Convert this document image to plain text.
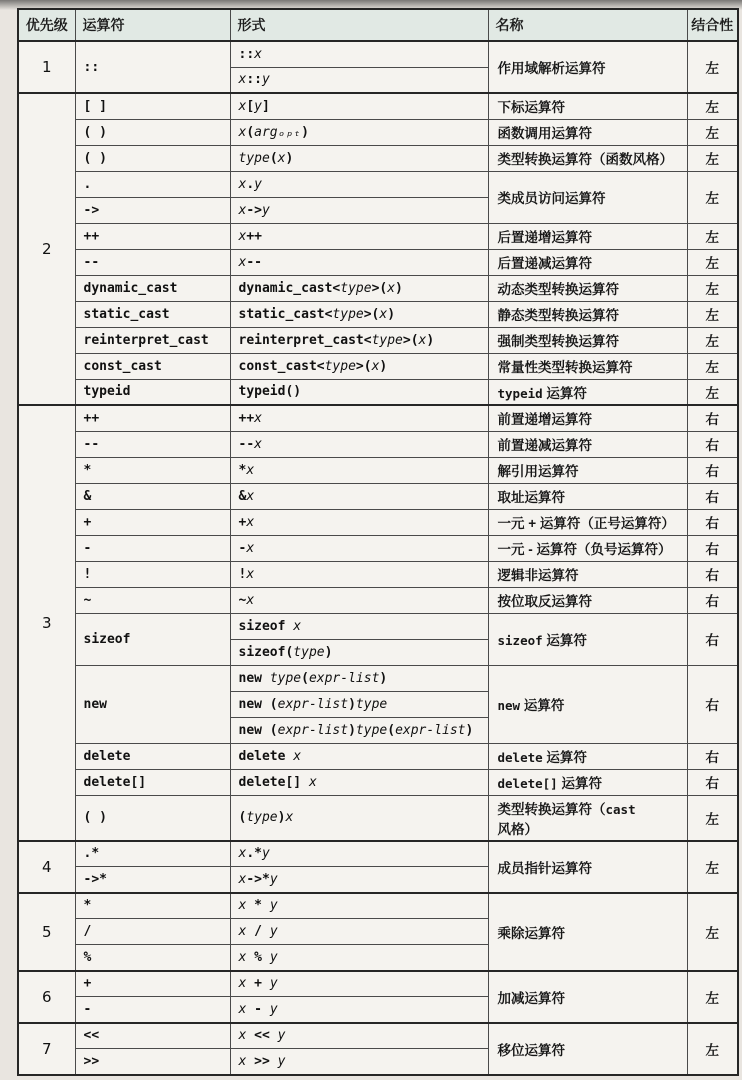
优先级	运算符	形式	名称	结合性
1	::	::x	作用域解析运算符	左
		x::y		
2	[ ]	x[y]	下标运算符	左
	( )	x(argₒₚₜ)	函数调用运算符	左
	( )	type(x)	类型转换运算符（函数风格）	左
	.	x.y	类成员访问运算符	左
	->	x->y		
	++	x++	后置递增运算符	左
	--	x--	后置递减运算符	左
	dynamic_cast	dynamic_cast<type>(x)	动态类型转换运算符	左
	static_cast	static_cast<type>(x)	静态类型转换运算符	左
	reinterpret_cast	reinterpret_cast<type>(x)	强制类型转换运算符	左
	const_cast	const_cast<type>(x)	常量性类型转换运算符	左
	typeid	typeid()	typeid 运算符	左
3	++	++x	前置递增运算符	右
	--	--x	前置递减运算符	右
	*	*x	解引用运算符	右
	&	&x	取址运算符	右
	+	+x	一元 + 运算符（正号运算符）	右
	-	-x	一元 - 运算符（负号运算符）	右
	!	!x	逻辑非运算符	右
	~	~x	按位取反运算符	右
	sizeof	sizeof x	sizeof 运算符	右
		sizeof(type)		
	new	new type(expr-list)	new 运算符	右
		new (expr-list)type		
		new (expr-list)type(expr-list)		
	delete	delete x	delete 运算符	右
	delete[]	delete[] x	delete[] 运算符	右
	( )	(type)x	类型转换运算符（cast 风格）	左
4	.*	x.*y	成员指针运算符	左
	->*	x->*y		
5	*	x * y	乘除运算符	左
	/	x / y		
	%	x % y		
6	+	x + y	加减运算符	左
	-	x - y		
7	<<	x << y	移位运算符	左
	>>	x >> y		
